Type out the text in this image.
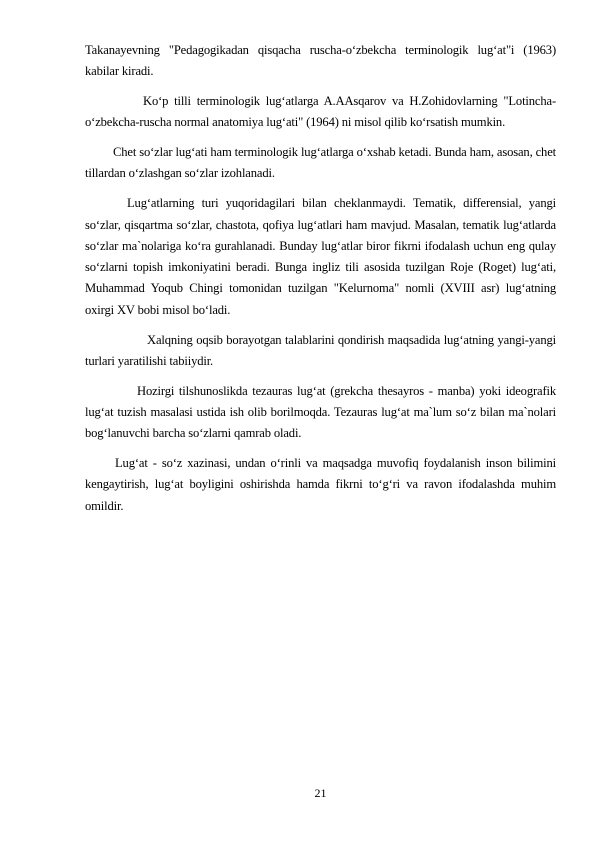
Takanayevning "Pedagogikadan qisqacha ruscha-o‘zbekcha terminologik lug‘at"i (1963) kabilar kiradi.

Ko‘p tilli terminologik lug‘atlarga A.AAsqarov va H.Zohidovlarning "Lotincha-o‘zbekcha-ruscha normal anatomiya lug‘ati" (1964) ni misol qilib ko‘rsatish mumkin.

Chet so‘zlar lug‘ati ham terminologik lug‘atlarga o‘xshab ketadi. Bunda ham, asosan, chet tillardan o‘zlashgan so‘zlar izohlanadi.

Lug‘atlarning turi yuqoridagilari bilan cheklanmaydi. Tematik, differensial, yangi so‘zlar, qisqartma so‘zlar, chastota, qofiya lug‘atlari ham mavjud. Masalan, tematik lug‘atlarda so‘zlar ma`nolariga ko‘ra gurahlanadi. Bunday lug‘atlar biror fikrni ifodalash uchun eng qulay so‘zlarni topish imkoniyatini beradi. Bunga ingliz tili asosida tuzilgan Roje (Roget) lug‘ati, Muhammad Yoqub Chingi tomonidan tuzilgan "Kelurnoma" nomli (XVIII asr) lug‘atning oxirgi XV bobi misol bo‘ladi.

Xalqning oqsib borayotgan talablarini qondirish maqsadida lug‘atning yangi-yangi turlari yaratilishi tabiiydir.

Hozirgi tilshunoslikda tezauras lug‘at (grekcha thesayros - manba) yoki ideografik lug‘at tuzish masalasi ustida ish olib borilmoqda. Tezauras lug‘at ma`lum so‘z bilan ma`nolari bog‘lanuvchi barcha so‘zlarni qamrab oladi.

Lug‘at - so‘z xazinasi, undan o‘rinli va maqsadga muvofiq foydalanish inson bilimini kengaytirish, lug‘at boyligini oshirishda hamda fikrni to‘g‘ri va ravon ifodalashda muhim omildir.

21
